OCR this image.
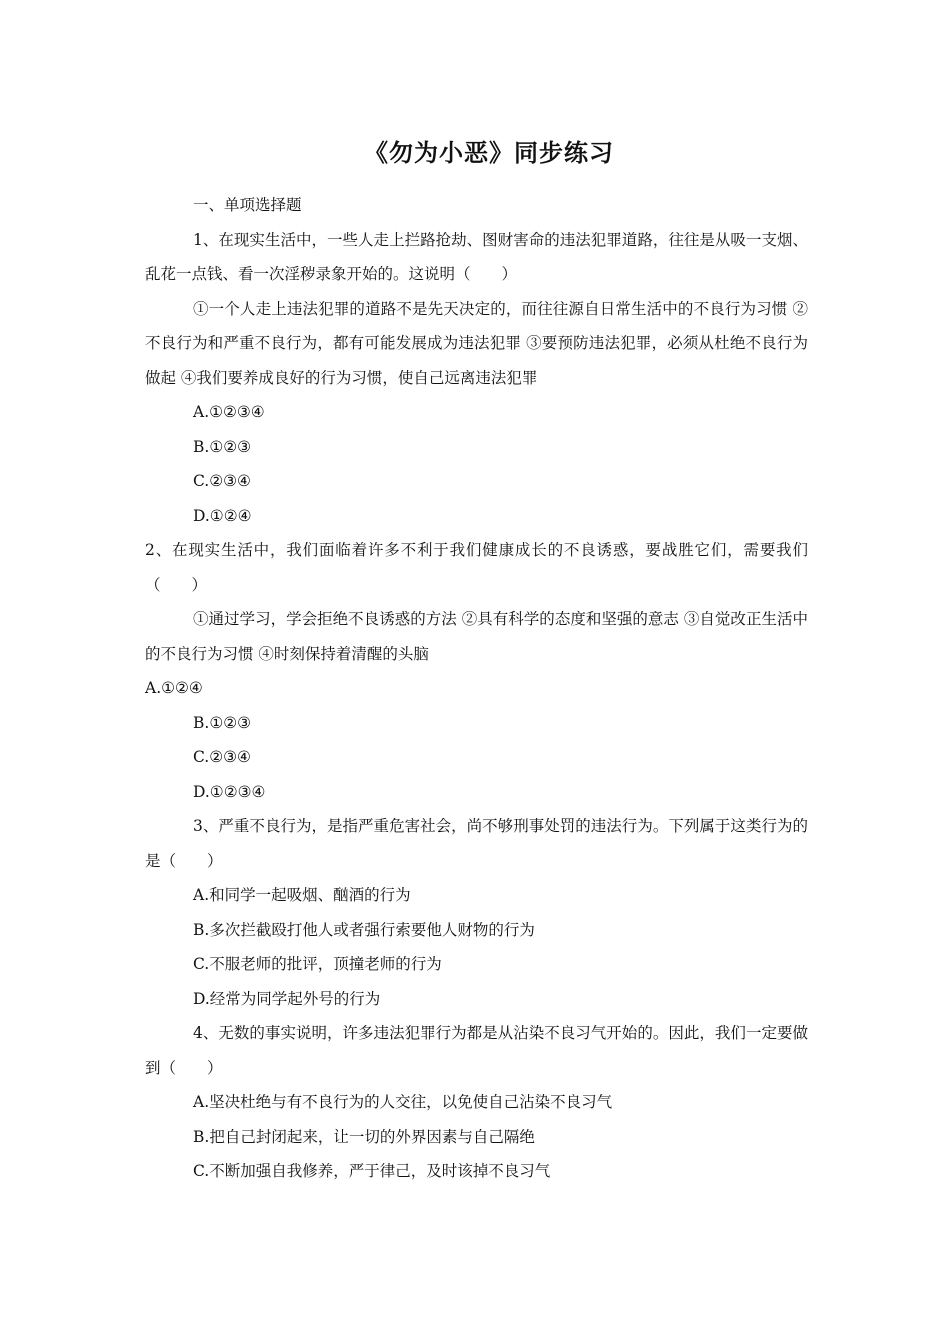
《勿为小恶》同步练习

一、单项选择题

1、在现实生活中，一些人走上拦路抢劫、图财害命的违法犯罪道路，往往是从吸一支烟、乱花一点钱、看一次淫秽录象开始的。这说明（　　）

①一个人走上违法犯罪的道路不是先天决定的，而往往源自日常生活中的不良行为习惯 ②不良行为和严重不良行为，都有可能发展成为违法犯罪 ③要预防违法犯罪，必须从杜绝不良行为做起 ④我们要养成良好的行为习惯，使自己远离违法犯罪

A.①②③④

B.①②③

C.②③④

D.①②④

2、在现实生活中，我们面临着许多不利于我们健康成长的不良诱惑，要战胜它们，需要我们（　　）

①通过学习，学会拒绝不良诱惑的方法 ②具有科学的态度和坚强的意志 ③自觉改正生活中的不良行为习惯 ④时刻保持着清醒的头脑

A.①②④

B.①②③

C.②③④

D.①②③④

3、严重不良行为，是指严重危害社会，尚不够刑事处罚的违法行为。下列属于这类行为的是（　　）

A.和同学一起吸烟、酗酒的行为

B.多次拦截殴打他人或者强行索要他人财物的行为

C.不服老师的批评，顶撞老师的行为

D.经常为同学起外号的行为

4、无数的事实说明，许多违法犯罪行为都是从沾染不良习气开始的。因此，我们一定要做到（　　）

A.坚决杜绝与有不良行为的人交往，以免使自己沾染不良习气

B.把自己封闭起来，让一切的外界因素与自己隔绝

C.不断加强自我修养，严于律己，及时该掉不良习气
